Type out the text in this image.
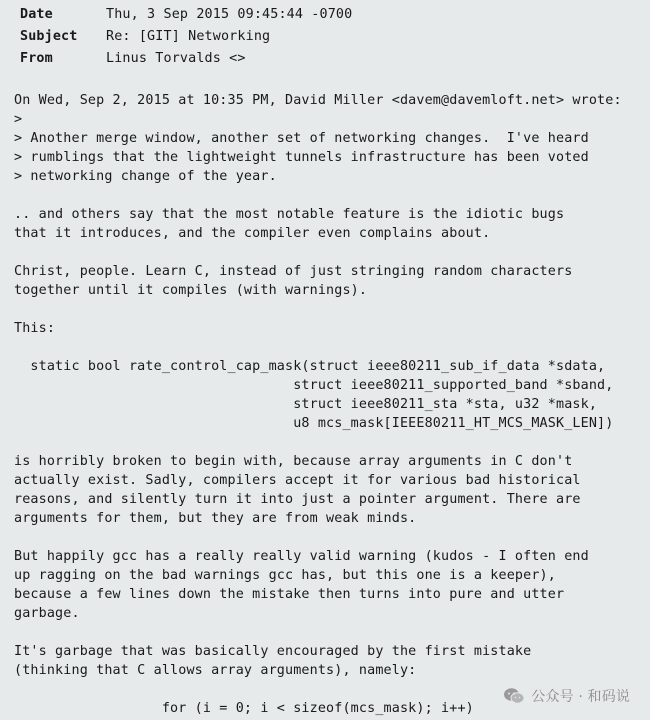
Date	Thu, 3 Sep 2015 09:45:44 -0700
Subject	Re: [GIT] Networking
From	Linus Torvalds <>
On Wed, Sep 2, 2015 at 10:35 PM, David Miller <davem@davemloft.net> wrote:
>
> Another merge window, another set of networking changes.  I've heard
> rumblings that the lightweight tunnels infrastructure has been voted
> networking change of the year.
.. and others say that the most notable feature is the idiotic bugs
that it introduces, and the compiler even complains about.
Christ, people. Learn C, instead of just stringing random characters
together until it compiles (with warnings).
This:
static bool rate_control_cap_mask(struct ieee80211_sub_if_data *sdata,
struct ieee80211_supported_band *sband,
struct ieee80211_sta *sta, u32 *mask,
u8 mcs_mask[IEEE80211_HT_MCS_MASK_LEN])
is horribly broken to begin with, because array arguments in C don't
actually exist. Sadly, compilers accept it for various bad historical
reasons, and silently turn it into just a pointer argument. There are
arguments for them, but they are from weak minds.
But happily gcc has a really really valid warning (kudos - I often end
up ragging on the bad warnings gcc has, but this one is a keeper),
because a few lines down the mistake then turns into pure and utter
garbage.
It's garbage that was basically encouraged by the first mistake
(thinking that C allows array arguments), namely:
for (i = 0; i < sizeof(mcs_mask); i++)
公众号 · 和码说
